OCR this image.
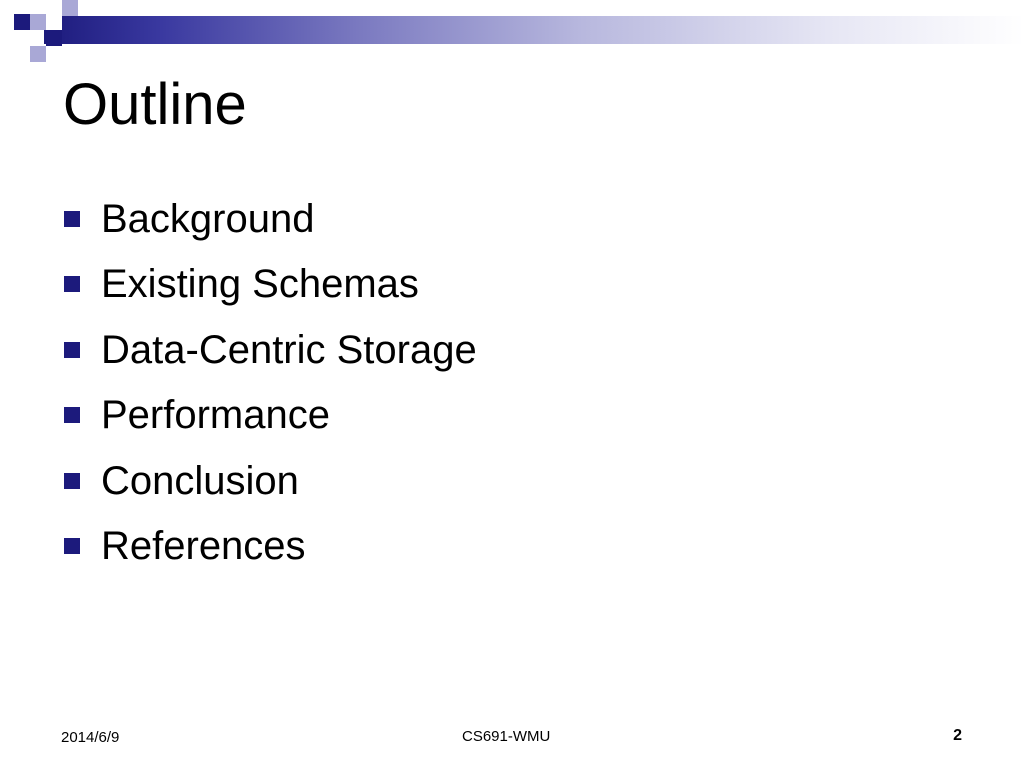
Outline
Background
Existing Schemas
Data-Centric Storage
Performance
Conclusion
References
2014/6/9	CS691-WMU	2
